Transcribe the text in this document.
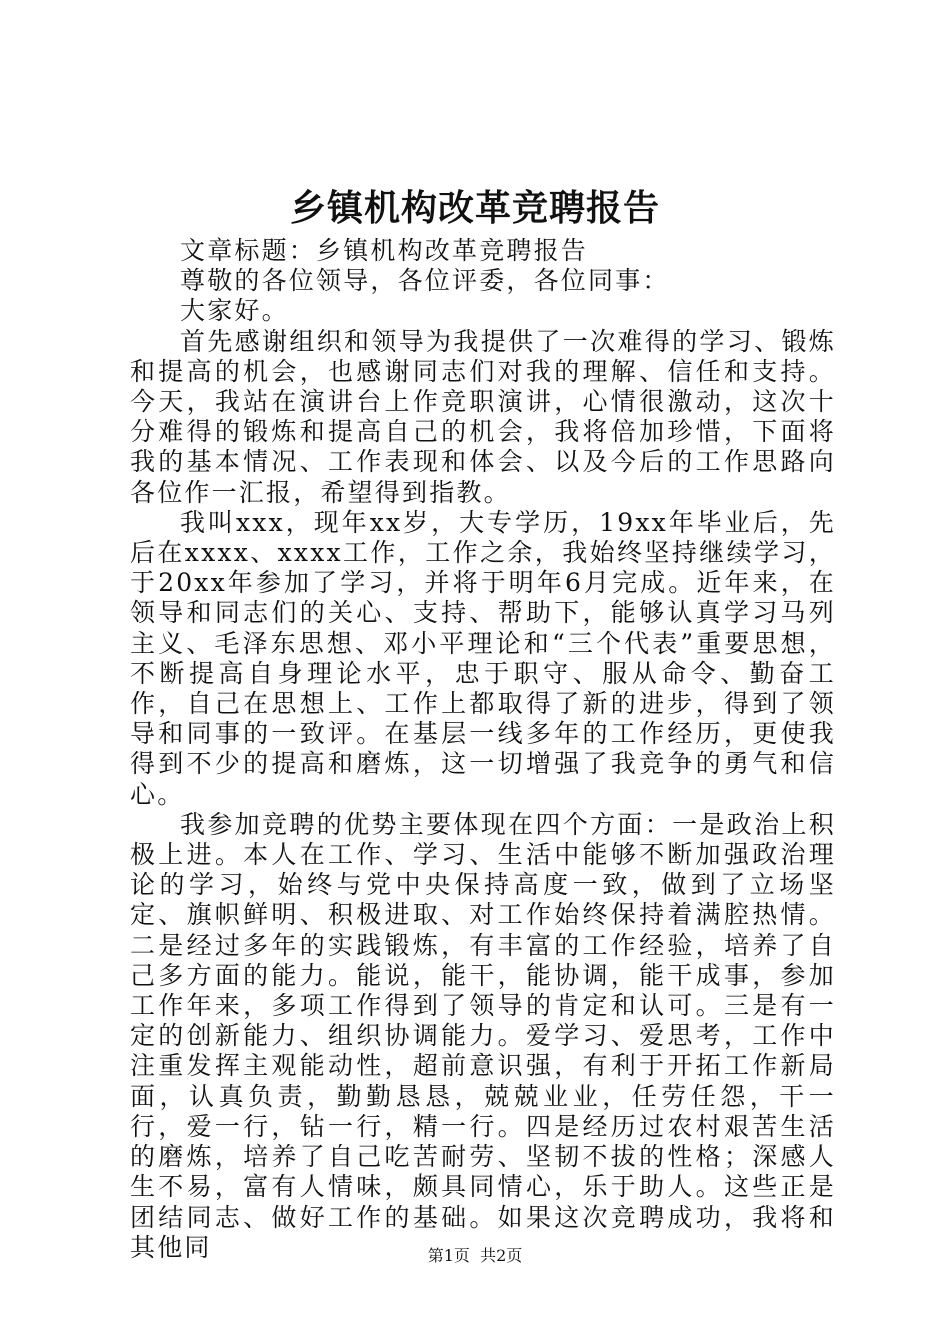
乡镇机构改革竞聘报告

文章标题：乡镇机构改革竞聘报告

尊敬的各位领导，各位评委，各位同事：

大家好。

首先感谢组织和领导为我提供了一次难得的学习、锻炼和提高的机会，也感谢同志们对我的理解、信任和支持。今天，我站在演讲台上作竞职演讲，心情很激动，这次十分难得的锻炼和提高自己的机会，我将倍加珍惜，下面将我的基本情况、工作表现和体会、以及今后的工作思路向各位作一汇报，希望得到指教。

我叫xxx，现年xx岁，大专学历，19xx年毕业后，先后在xxxx、xxxx工作，工作之余，我始终坚持继续学习，于20xx年参加了学习，并将于明年6月完成。近年来，在领导和同志们的关心、支持、帮助下，能够认真学习马列主义、毛泽东思想、邓小平理论和“三个代表”重要思想，不断提高自身理论水平，忠于职守、服从命令、勤奋工作，自己在思想上、工作上都取得了新的进步，得到了领导和同事的一致评。在基层一线多年的工作经历，更使我得到不少的提高和磨炼，这一切增强了我竞争的勇气和信心。

我参加竞聘的优势主要体现在四个方面：一是政治上积极上进。本人在工作、学习、生活中能够不断加强政治理论的学习，始终与党中央保持高度一致，做到了立场坚定、旗帜鲜明、积极进取、对工作始终保持着满腔热情。二是经过多年的实践锻炼，有丰富的工作经验，培养了自己多方面的能力。能说，能干，能协调，能干成事，参加工作年来，多项工作得到了领导的肯定和认可。三是有一定的创新能力、组织协调能力。爱学习、爱思考，工作中注重发挥主观能动性，超前意识强，有利于开拓工作新局面，认真负责，勤勤恳恳，兢兢业业，任劳任怨，干一行，爱一行，钻一行，精一行。四是经历过农村艰苦生活的磨炼，培养了自己吃苦耐劳、坚韧不拔的性格；深感人生不易，富有人情味，颇具同情心，乐于助人。这些正是团结同志、做好工作的基础。如果这次竞聘成功，我将和其他同	第1页 共2页
